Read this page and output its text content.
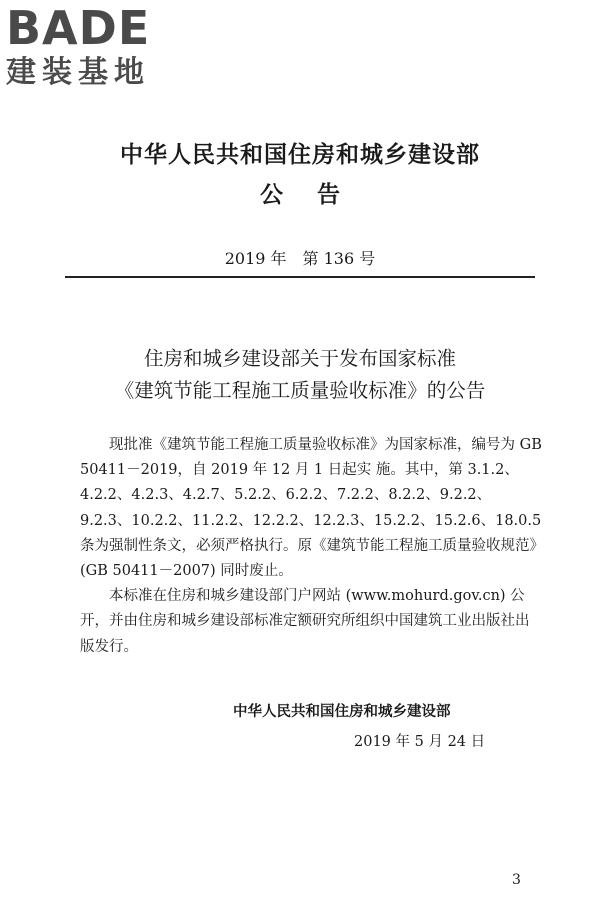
BADE
建装基地
中华人民共和国住房和城乡建设部
公告
2019 年　第 136 号
住房和城乡建设部关于发布国家标准
《建筑节能工程施工质量验收标准》的公告

现批准《建筑节能工程施工质量验收标准》为国家标准，编号为 GB 50411－2019，自 2019 年 12 月 1 日起实 施。其中，第 3.1.2、4.2.2、4.2.3、4.2.7、5.2.2、6.2.2、7.2.2、8.2.2、9.2.2、9.2.3、10.2.2、11.2.2、12.2.2、12.2.3、15.2.2、15.2.6、18.0.5 条为强制性条文，必须严格执行。原《建筑节能工程施工质量验收规范》(GB 50411－2007) 同时废止。

本标准在住房和城乡建设部门户网站 (www.mohurd.gov.cn) 公开，并由住房和城乡建设部标准定额研究所组织中国建筑工业出版社出版发行。

中华人民共和国住房和城乡建设部
2019 年 5 月 24 日
3
